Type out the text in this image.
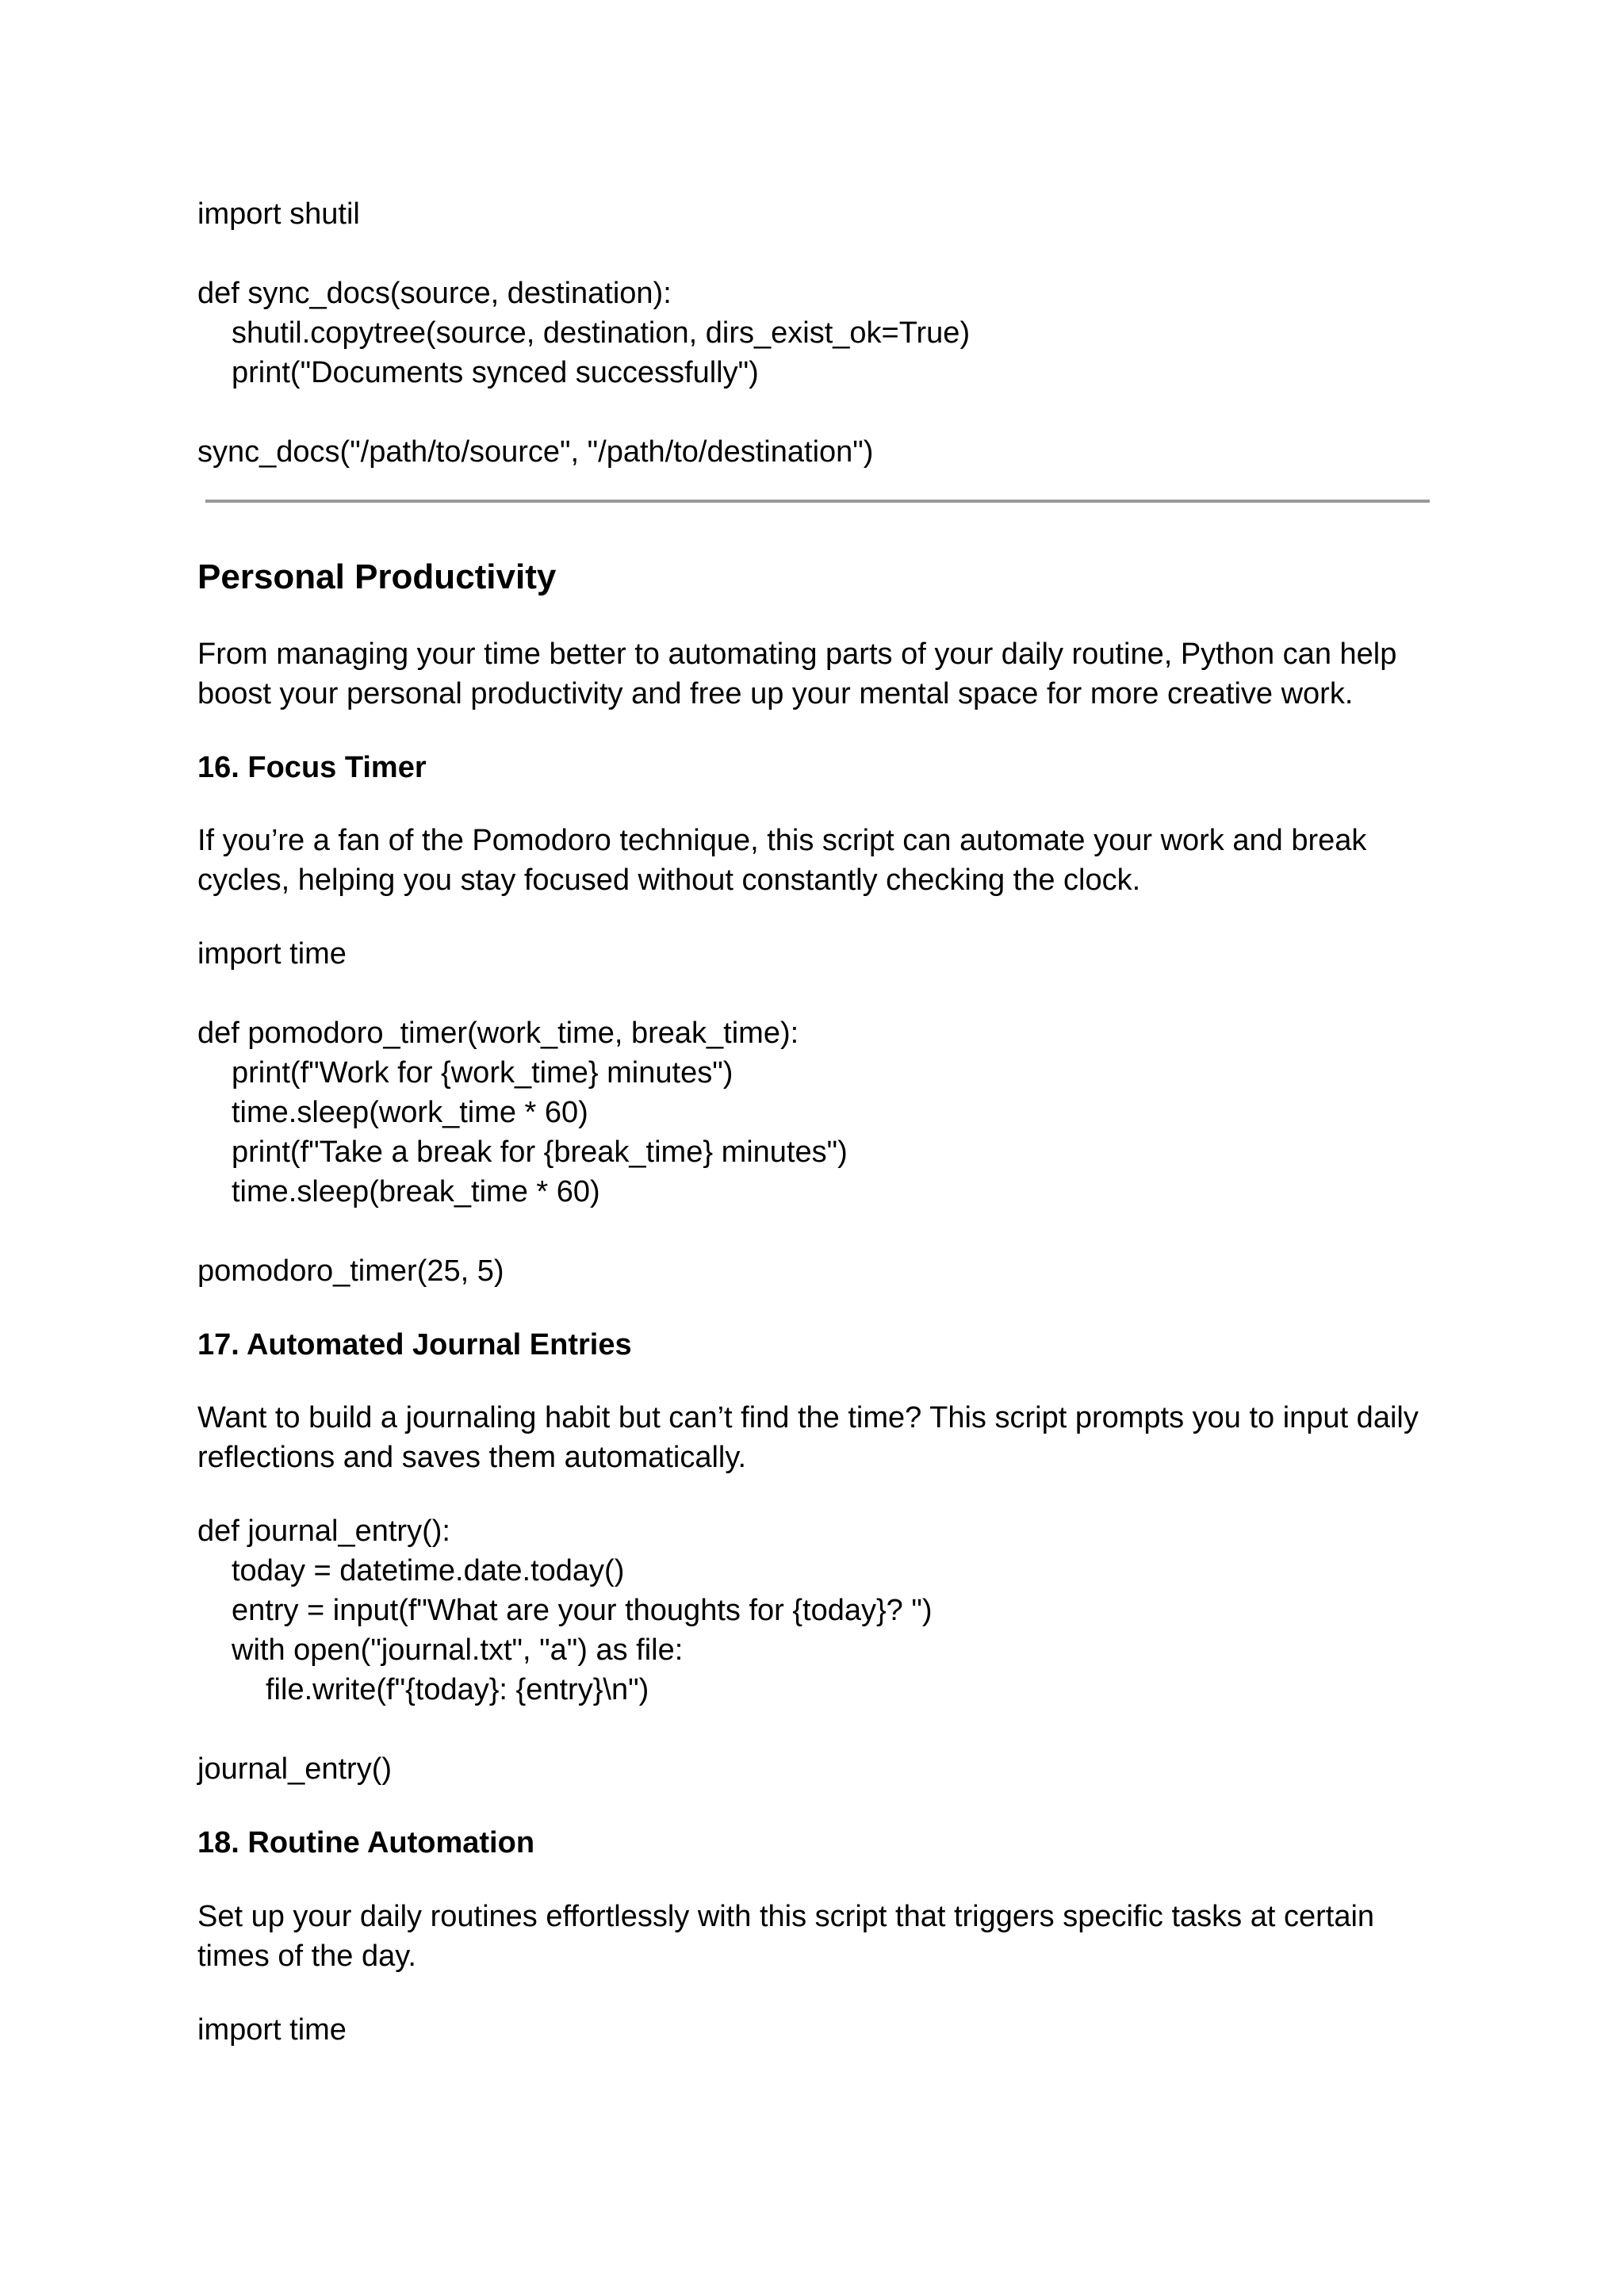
import shutil
def sync_docs(source, destination):
shutil.copytree(source, destination, dirs_exist_ok=True)
print("Documents synced successfully")
sync_docs("/path/to/source", "/path/to/destination")
Personal Productivity

From managing your time better to automating parts of your daily routine, Python can help boost your personal productivity and free up your mental space for more creative work.

16. Focus Timer

If you’re a fan of the Pomodoro technique, this script can automate your work and break cycles, helping you stay focused without constantly checking the clock.

import time
def pomodoro_timer(work_time, break_time):
print(f"Work for {work_time} minutes")
time.sleep(work_time * 60)
print(f"Take a break for {break_time} minutes")
time.sleep(break_time * 60)
pomodoro_timer(25, 5)
17. Automated Journal Entries

Want to build a journaling habit but can’t find the time? This script prompts you to input daily reflections and saves them automatically.

def journal_entry():
today = datetime.date.today()
entry = input(f"What are your thoughts for {today}? ")
with open("journal.txt", "a") as file:
file.write(f"{today}: {entry}\n")
journal_entry()
18. Routine Automation

Set up your daily routines effortlessly with this script that triggers specific tasks at certain times of the day.

import time
